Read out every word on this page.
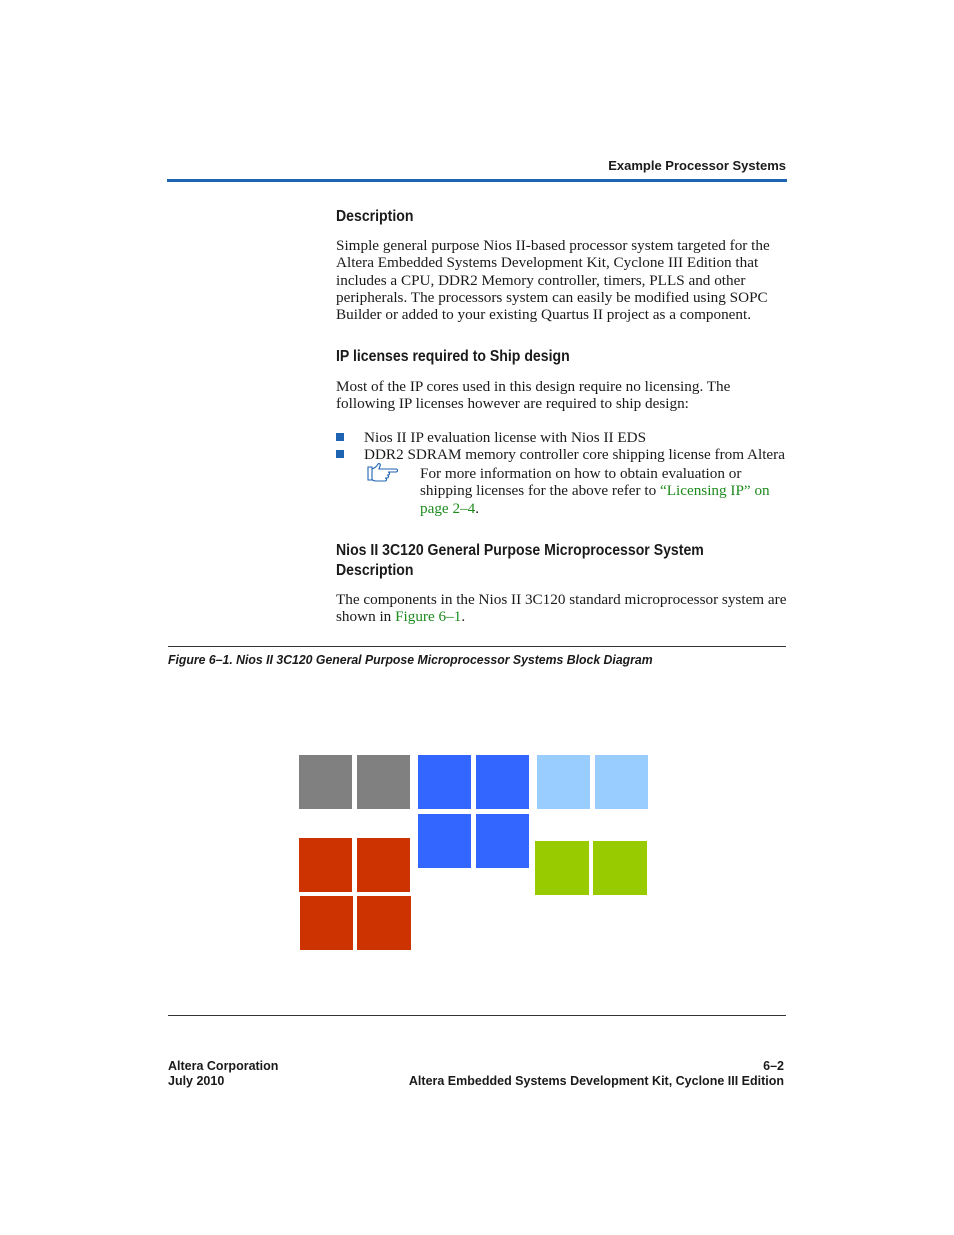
Example Processor Systems
Description

Simple general purpose Nios II-based processor system targeted for the
Altera Embedded Systems Development Kit, Cyclone III Edition that
includes a CPU, DDR2 Memory controller, timers, PLLS and other
peripherals. The processors system can easily be modified using SOPC
Builder or added to your existing Quartus II project as a component.

IP licenses required to Ship design

Most of the IP cores used in this design require no licensing. The
following IP licenses however are required to ship design:

Nios II IP evaluation license with Nios II EDS
DDR2 SDRAM memory controller core shipping license from Altera

For more information on how to obtain evaluation or
shipping licenses for the above refer to “Licensing IP” on
page 2–4.

Nios II 3C120 General Purpose Microprocessor System
Description

The components in the Nios II 3C120 standard microprocessor system are
shown in Figure 6–1.

Figure 6–1. Nios II 3C120 General Purpose Microprocessor Systems Block Diagram
Altera Corporation
July 2010
6–2
Altera Embedded Systems Development Kit, Cyclone III Edition
